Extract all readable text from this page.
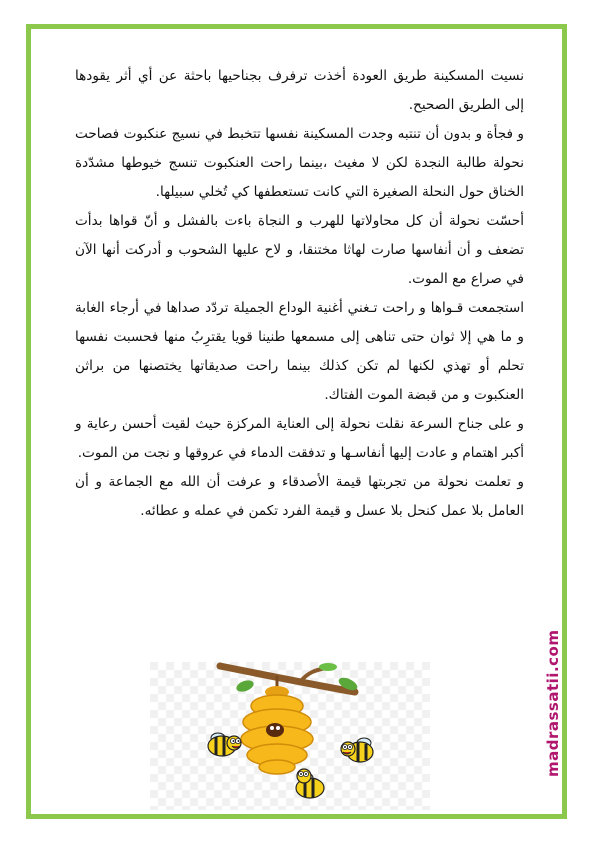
نسيت المسكينة طريق العودة أخذت ترفرف بجناحيها باحثة عن أي أثر يقودها إلى الطريق الصحيح.

و فجأة و بدون أن تنتبه وجدت المسكينة نفسها تتخبط في نسيج عنكبوت فصاحت نحولة طالبة النجدة لكن لا مغيث ،بينما راحت العنكبوت تنسج خيوطها مشدّدة الخناق حول النحلة الصغيرة التي كانت تستعطفها كي تُخلي سبيلها.

أحسّت نحولة أن كل محاولاتها للهرب و النجاة باءت بالفشل و أنّ قواها بدأت تضعف و أن أنفاسها صارت لهاثا مختنقا، و لاح عليها الشحوب و أدركت أنها الآن في صراع مع الموت.

استجمعت قـواها و راحت تـغني أغنية الوداع الجميلة تردّد صداها في أرجاء الغابة و ما هي إلا ثوان حتى تناهى إلى مسمعها طنينا قويا يقترِبُ منها فحسبت نفسها تحلم أو تهذي لكنها لم تكن كذلك بينما راحت صديقاتها يختصنها من براثن العنكبوت و من قبضة الموت الفتاك.

و على جناح السرعة نقلت نحولة إلى العناية المركزة حيث لقيت أحسن رعاية و أكبر اهتمام و عادت إليها أنفاسـها و تدفقت الدماء في عروقها و نجت من الموت.

و تعلمت نحولة من تجربتها قيمة الأصدقاء و عرفت أن الله مع الجماعة و أن العامل بلا عمل كنحل بلا عسل و قيمة الفرد تكمن في عمله و عطائه.

madrassatii.com
